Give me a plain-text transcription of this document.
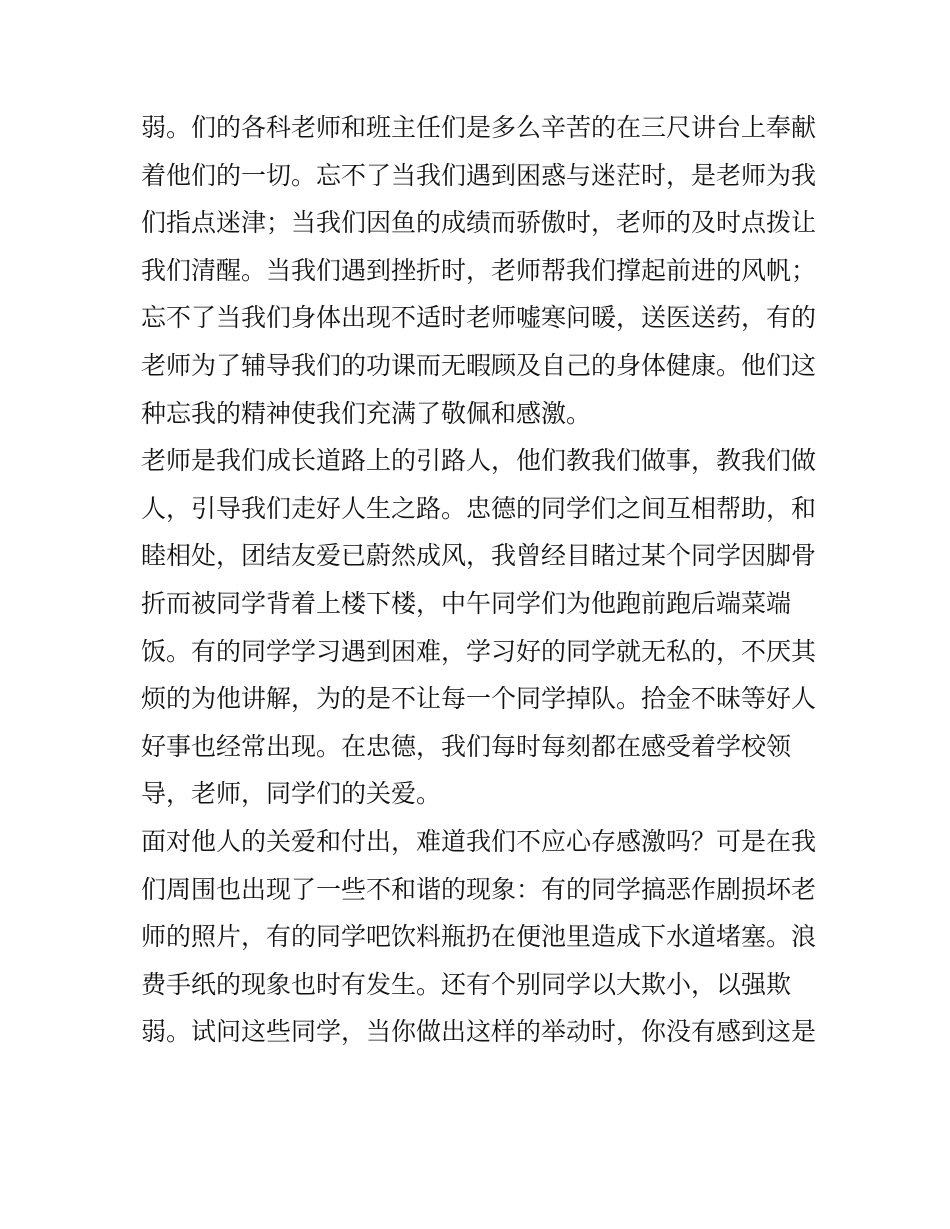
弱。们的各科老师和班主任们是多么辛苦的在三尺讲台上奉献
着他们的一切。忘不了当我们遇到困惑与迷茫时，是老师为我
们指点迷津；当我们因鱼的成绩而骄傲时，老师的及时点拨让
我们清醒。当我们遇到挫折时，老师帮我们撑起前进的风帆；
忘不了当我们身体出现不适时老师嘘寒问暖，送医送药，有的
老师为了辅导我们的功课而无暇顾及自己的身体健康。他们这
种忘我的精神使我们充满了敬佩和感激。
老师是我们成长道路上的引路人，他们教我们做事，教我们做
人，引导我们走好人生之路。忠德的同学们之间互相帮助，和
睦相处，团结友爱已蔚然成风，我曾经目睹过某个同学因脚骨
折而被同学背着上楼下楼，中午同学们为他跑前跑后端菜端
饭。有的同学学习遇到困难，学习好的同学就无私的，不厌其
烦的为他讲解，为的是不让每一个同学掉队。拾金不昧等好人
好事也经常出现。在忠德，我们每时每刻都在感受着学校领
导，老师，同学们的关爱。
面对他人的关爱和付出，难道我们不应心存感激吗？可是在我
们周围也出现了一些不和谐的现象：有的同学搞恶作剧损坏老
师的照片，有的同学吧饮料瓶扔在便池里造成下水道堵塞。浪
费手纸的现象也时有发生。还有个别同学以大欺小，以强欺
弱。试问这些同学，当你做出这样的举动时，你没有感到这是
